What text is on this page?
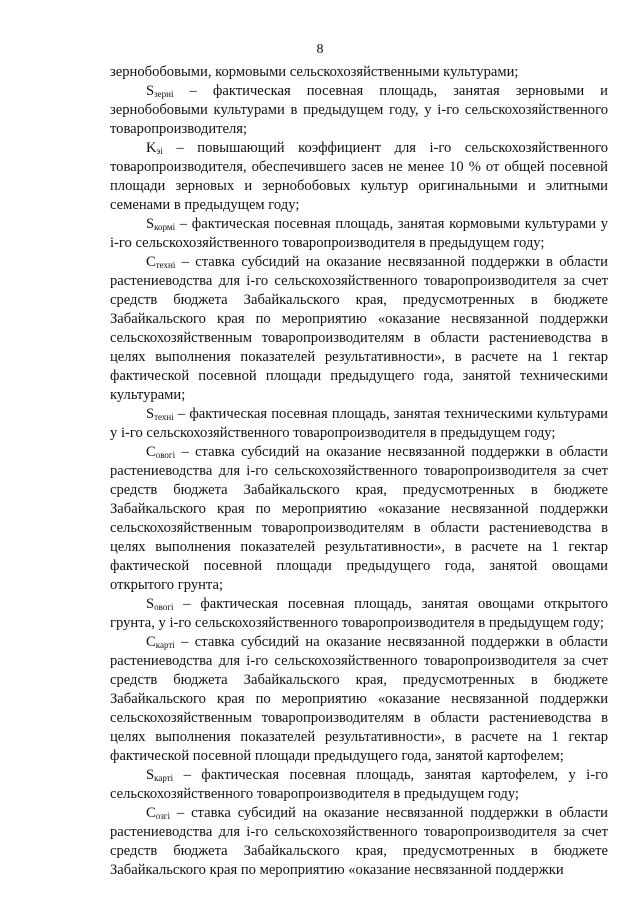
8

зернобобовыми, кормовыми сельскохозяйственными культурами;

$S_{зернi}$ – фактическая посевная площадь, занятая зерновыми и зернобобовыми культурами в предыдущем году, у i-го сельскохозяйственного товаропроизводителя;

$K_{эi}$ – повышающий коэффициент для i-го сельскохозяйственного товаропроизводителя, обеспечившего засев не менее 10 % от общей посевной площади зерновых и зернобобовых культур оригинальными и элитными семенами в предыдущем году;

$S_{кормi}$ – фактическая посевная площадь, занятая кормовыми культурами у i-го сельскохозяйственного товаропроизводителя в предыдущем году;

$C_{технi}$ – ставка субсидий на оказание несвязанной поддержки в области растениеводства для i-го сельскохозяйственного товаропроизводителя за счет средств бюджета Забайкальского края, предусмотренных в бюджете Забайкальского края по мероприятию «оказание несвязанной поддержки сельскохозяйственным товаропроизводителям в области растениеводства в целях выполнения показателей результативности», в расчете на 1 гектар фактической посевной площади предыдущего года, занятой техническими культурами;

$S_{технi}$ – фактическая посевная площадь, занятая техническими культурами у i-го сельскохозяйственного товаропроизводителя в предыдущем году;

$C_{овогi}$ – ставка субсидий на оказание несвязанной поддержки в области растениеводства для i-го сельскохозяйственного товаропроизводителя за счет средств бюджета Забайкальского края, предусмотренных в бюджете Забайкальского края по мероприятию «оказание несвязанной поддержки сельскохозяйственным товаропроизводителям в области растениеводства в целях выполнения показателей результативности», в расчете на 1 гектар фактической посевной площади предыдущего года, занятой овощами открытого грунта;

$S_{овогi}$ – фактическая посевная площадь, занятая овощами открытого грунта, у i-го сельскохозяйственного товаропроизводителя в предыдущем году;

$C_{картi}$ – ставка субсидий на оказание несвязанной поддержки в области растениеводства для i-го сельскохозяйственного товаропроизводителя за счет средств бюджета Забайкальского края, предусмотренных в бюджете Забайкальского края по мероприятию «оказание несвязанной поддержки сельскохозяйственным товаропроизводителям в области растениеводства в целях выполнения показателей результативности», в расчете на 1 гектар фактической посевной площади предыдущего года, занятой картофелем;

$S_{картi}$ – фактическая посевная площадь, занятая картофелем, у i-го сельскохозяйственного товаропроизводителя в предыдущем году;

$C_{озгi}$ – ставка субсидий на оказание несвязанной поддержки в области растениеводства для i-го сельскохозяйственного товаропроизводителя за счет средств бюджета Забайкальского края, предусмотренных в бюджете Забайкальского края по мероприятию «оказание несвязанной поддержки
